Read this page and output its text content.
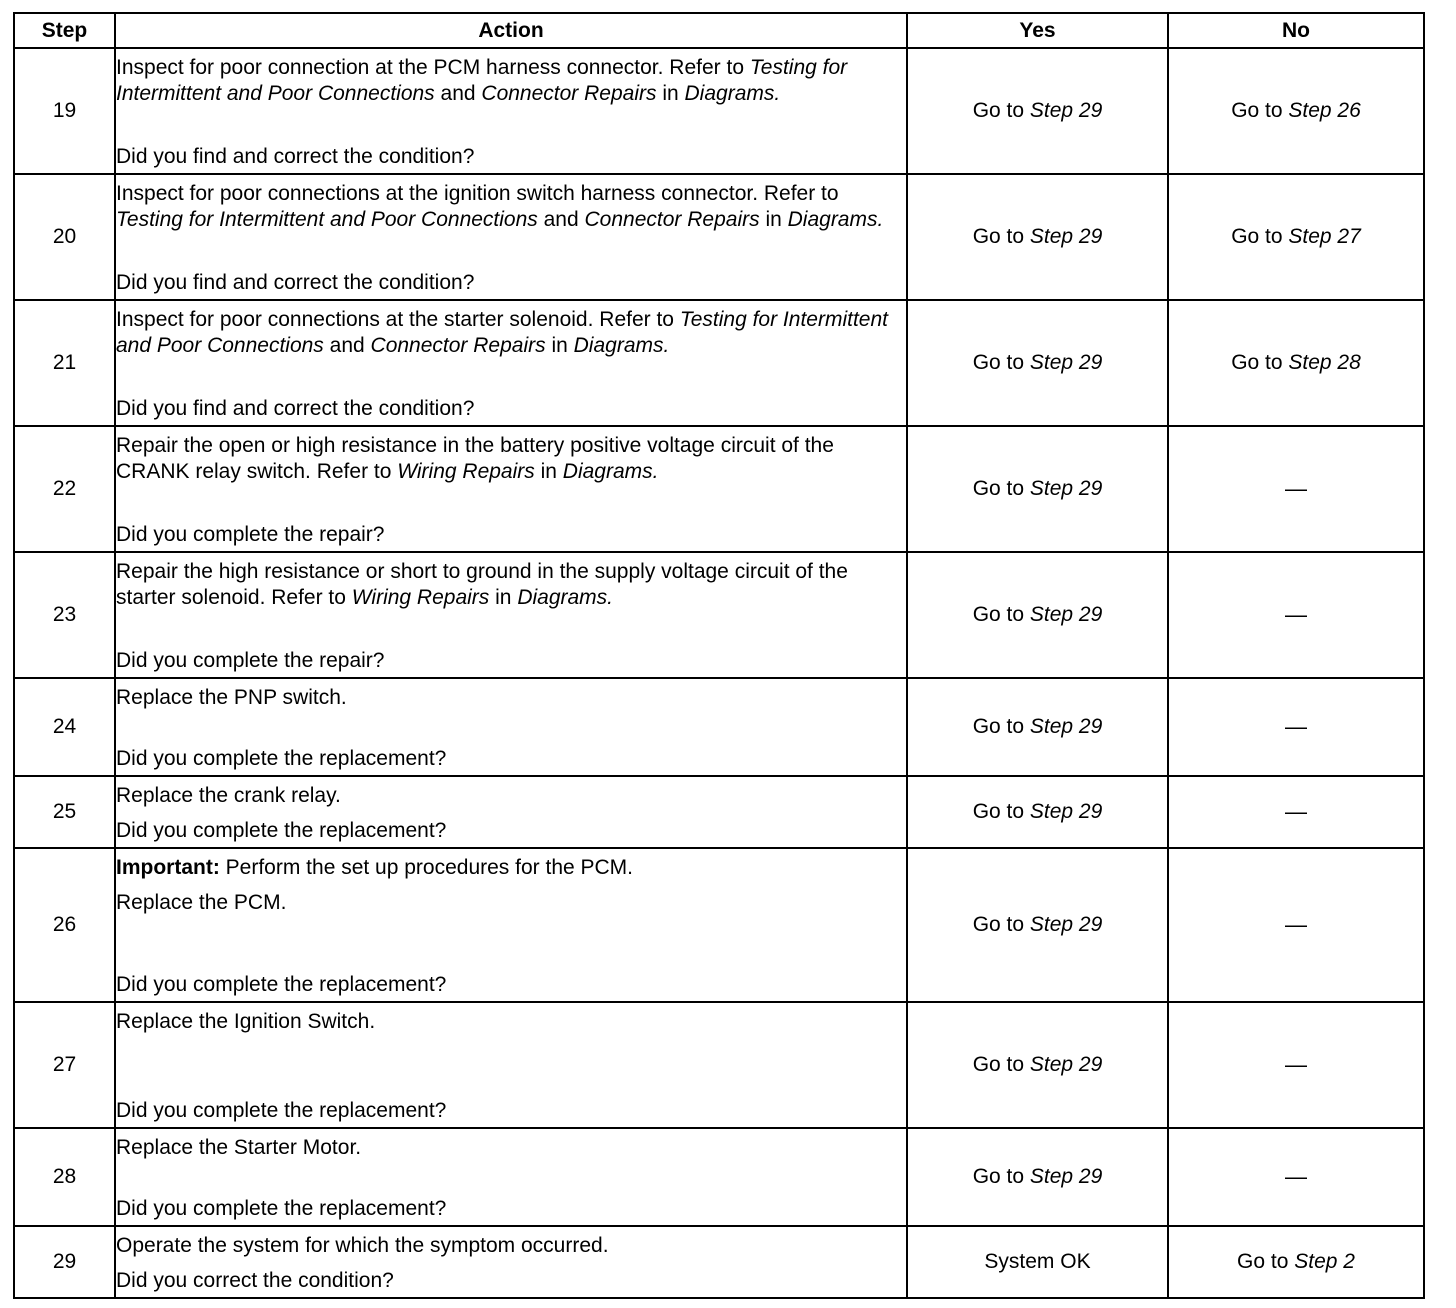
Step	Action	Yes	No
19	Inspect for poor connection at the PCM harness connector. Refer to Testing for Intermittent and Poor Connections and Connector Repairs in Diagrams.

Did you find and correct the condition?	Go to Step 29	Go to Step 26
20	Inspect for poor connections at the ignition switch harness connector. Refer to Testing for Intermittent and Poor Connections and Connector Repairs in Diagrams.

Did you find and correct the condition?	Go to Step 29	Go to Step 27
21	Inspect for poor connections at the starter solenoid. Refer to Testing for Intermittent and Poor Connections and Connector Repairs in Diagrams.

Did you find and correct the condition?	Go to Step 29	Go to Step 28
22	Repair the open or high resistance in the battery positive voltage circuit of the CRANK relay switch. Refer to Wiring Repairs in Diagrams.

Did you complete the repair?	Go to Step 29	—
23	Repair the high resistance or short to ground in the supply voltage circuit of the starter solenoid. Refer to Wiring Repairs in Diagrams.

Did you complete the repair?	Go to Step 29	—
24	Replace the PNP switch.

Did you complete the replacement?	Go to Step 29	—
25	Replace the crank relay.

Did you complete the replacement?	Go to Step 29	—
26	Important: Perform the set up procedures for the PCM.

Replace the PCM.

Did you complete the replacement?	Go to Step 29	—
27	Replace the Ignition Switch.

Did you complete the replacement?	Go to Step 29	—
28	Replace the Starter Motor.

Did you complete the replacement?	Go to Step 29	—
29	Operate the system for which the symptom occurred.

Did you correct the condition?	System OK	Go to Step 2
